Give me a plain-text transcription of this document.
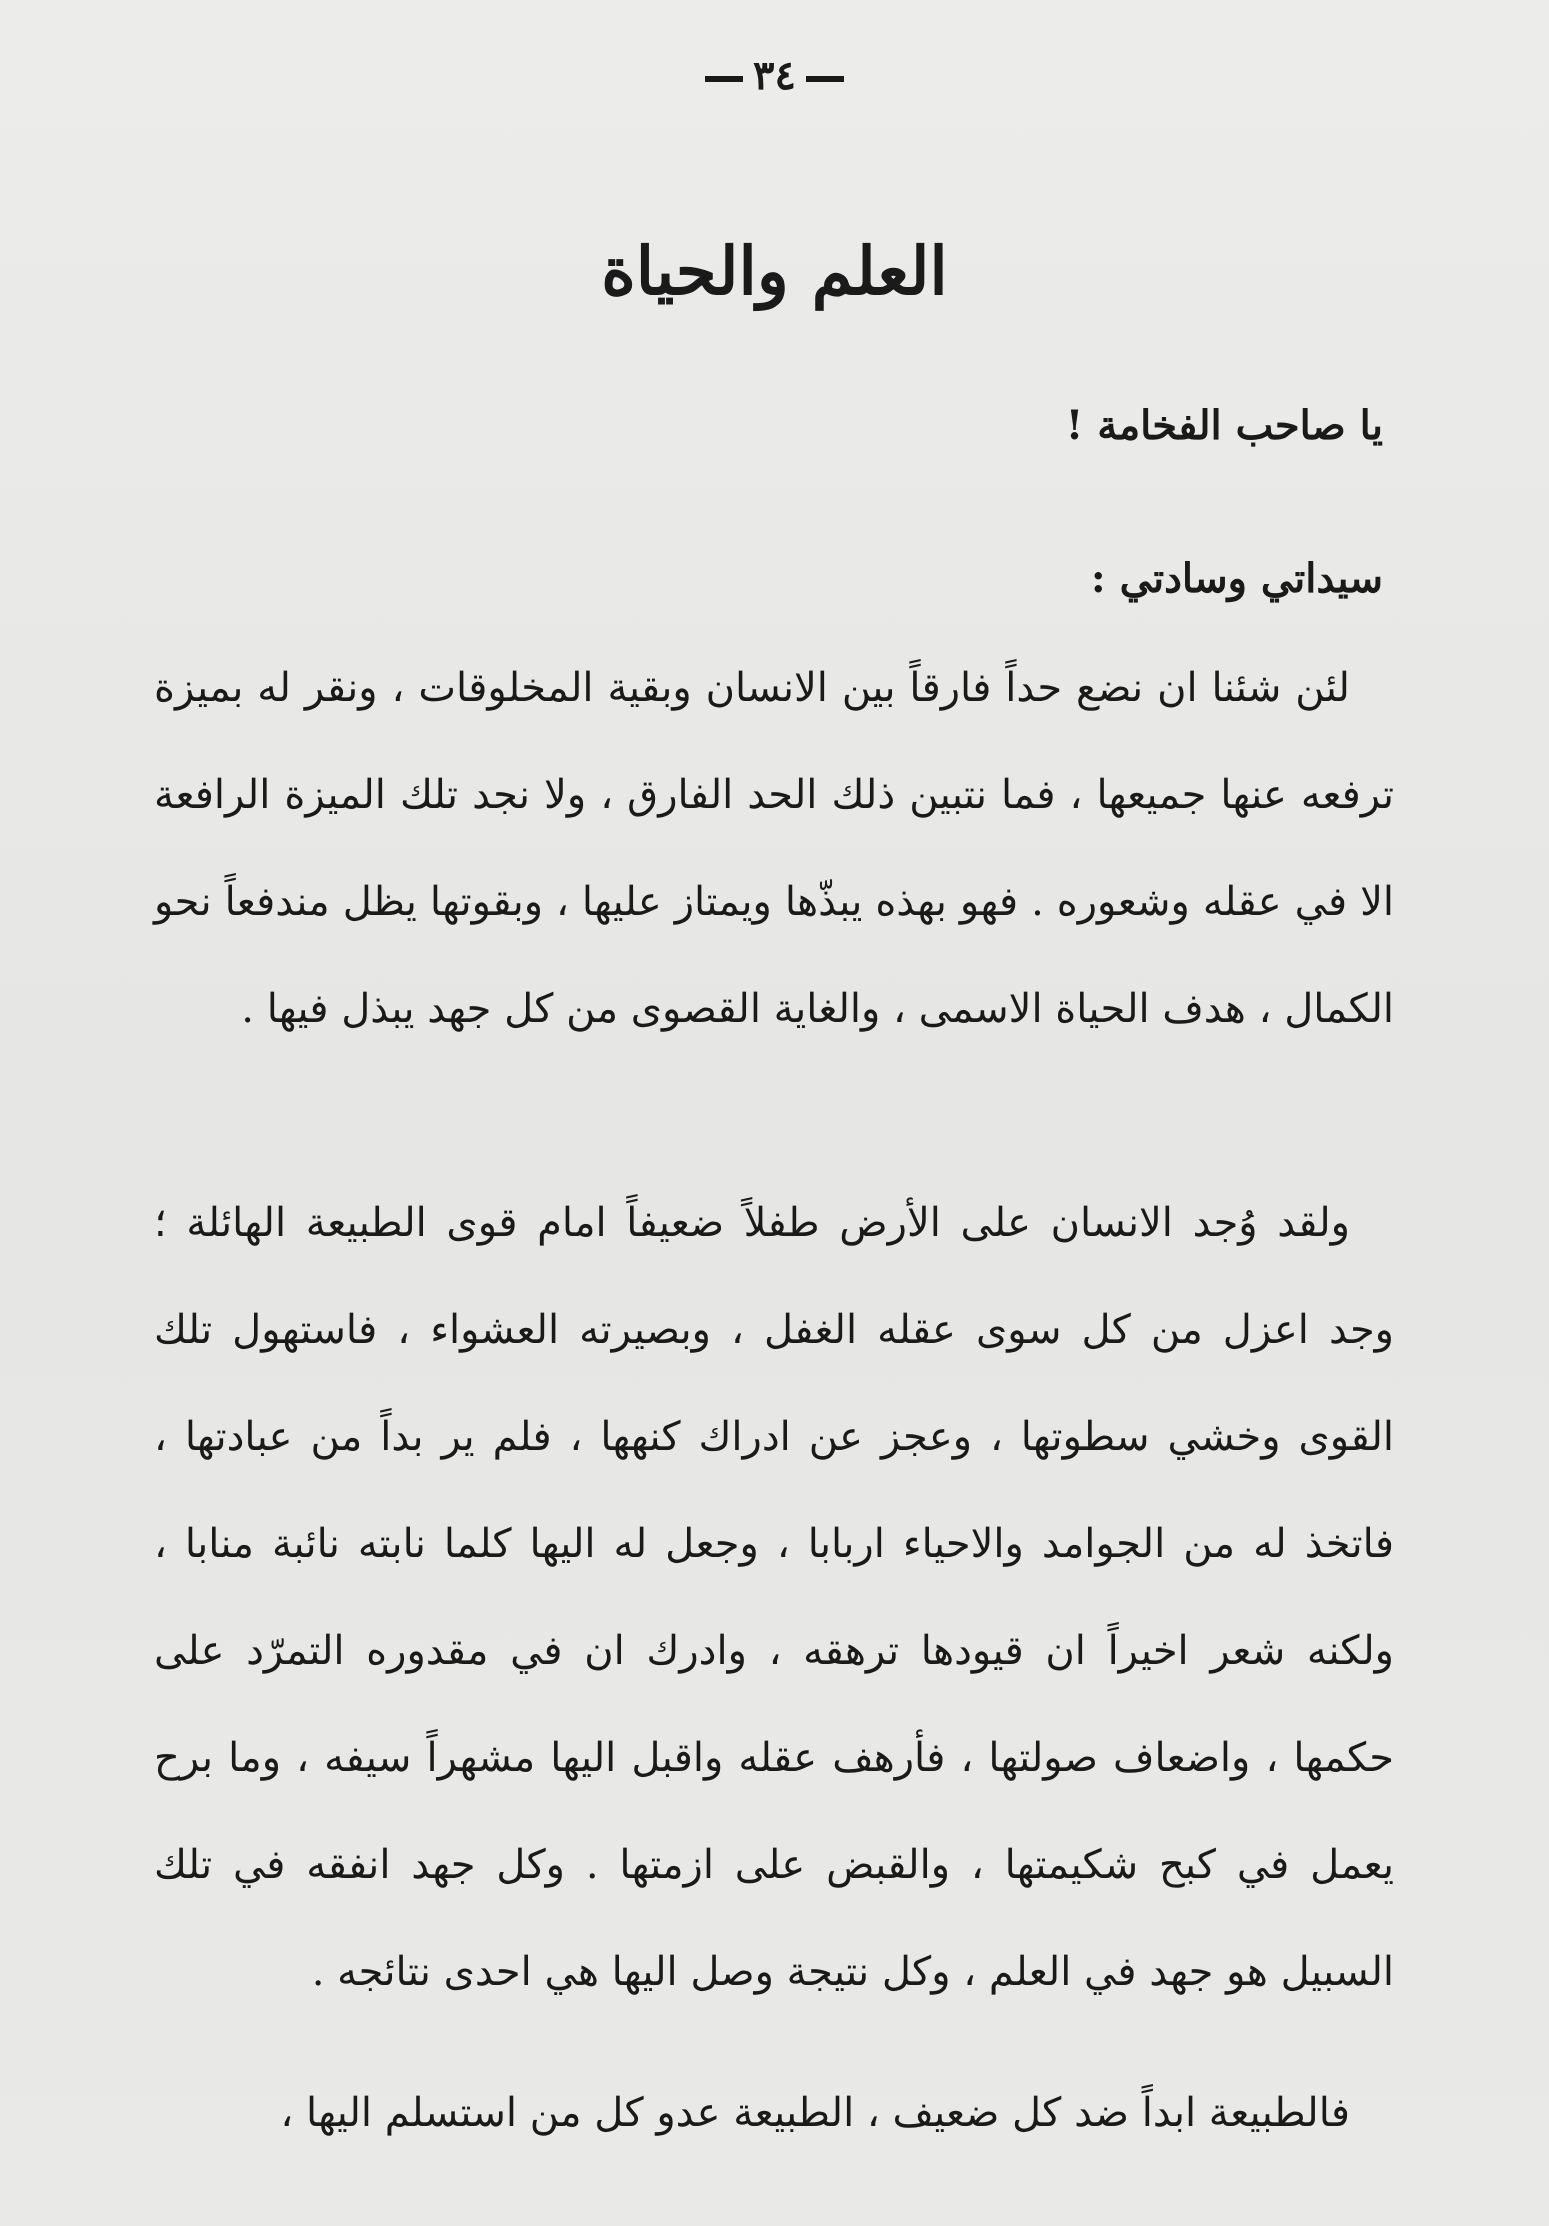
٣٤
العلم والحياة
يا صاحب الفخامة !
سيداتي وسادتي :

لئن شئنا ان نضع حداً فارقاً بين الانسان وبقية المخلوقات ، ونقر له بميزة ترفعه عنها جميعها ، فما نتبين ذلك الحد الفارق ، ولا نجد تلك الميزة الرافعة الا في عقله وشعوره . فهو بهذه يبذّها ويمتاز عليها ، وبقوتها يظل مندفعاً نحو الكمال ، هدف الحياة الاسمى ، والغاية القصوى من كل جهد يبذل فيها .

ولقد وُجد الانسان على الأرض طفلاً ضعيفاً امام قوى الطبيعة الهائلة ؛ وجد اعزل من كل سوى عقله الغفل ، وبصيرته العشواء ، فاستهول تلك القوى وخشي سطوتها ، وعجز عن ادراك كنهها ، فلم ير بداً من عبادتها ، فاتخذ له من الجوامد والاحياء اربابا ، وجعل له اليها كلما نابته نائبة منابا ، ولكنه شعر اخيراً ان قيودها ترهقه ، وادرك ان في مقدوره التمرّد على حكمها ، واضعاف صولتها ، فأرهف عقله واقبل اليها مشهراً سيفه ، وما برح يعمل في كبح شكيمتها ، والقبض على ازمتها . وكل جهد انفقه في تلك السبيل هو جهد في العلم ، وكل نتيجة وصل اليها هي احدى نتائجه .

فالطبيعة ابداً ضد كل ضعيف ، الطبيعة عدو كل من استسلم اليها ،
